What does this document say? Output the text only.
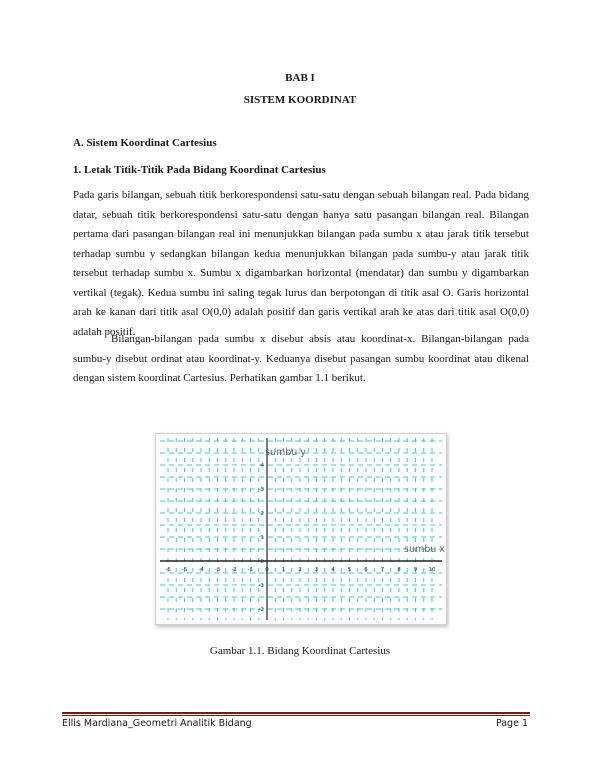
BAB I
SISTEM KOORDINAT
A. Sistem Koordinat Cartesius
1. Letak Titik-Titik Pada Bidang Koordinat Cartesius

Pada garis bilangan, sebuah titik berkorespondensi satu-satu dengan sebuah bilangan real. Pada bidang datar, sebuah titik berkorespondensi satu-satu dengan hanya satu pasangan bilangan real. Bilangan pertama dari pasangan bilangan real ini menunjukkan bilangan pada sumbu x atau jarak titik tersebut terhadap sumbu y sedangkan bilangan kedua menunjukkan bilangan pada sumbu-y atau jarak titik tersebut terhadap sumbu x. Sumbu x digambarkan horizontal (mendatar) dan sumbu y digambarkan vertikal (tegak). Kedua sumbu ini saling tegak lurus dan berpotongan di titik asal O. Garis horizontal arah ke kanan dari titik asal O(0,0) adalah positif dan garis vertikal arah ke atas dari titik asal O(0,0) adalah positif.

Bilangan-bilangan pada sumbu x disebut absis atau koordinat-x. Bilangan-bilangan pada sumbu-y disebut ordinat atau koordinat-y. Keduanya disebut pasangan sumbu koordinat atau dikenal dengan sistem koordinat Cartesius. Perhatikan gambar 1.1 berikut.

-6 -5 -4 -3 -2 -1 0 1 2 3 4 5 6 7 8 9 10
4
3
2
1
0
-1
-2
sumbu y
sumbu x
Gambar 1.1. Bidang Koordinat Cartesius
Ellis Mardiana_Geometri Analitik Bidang	Page 1
